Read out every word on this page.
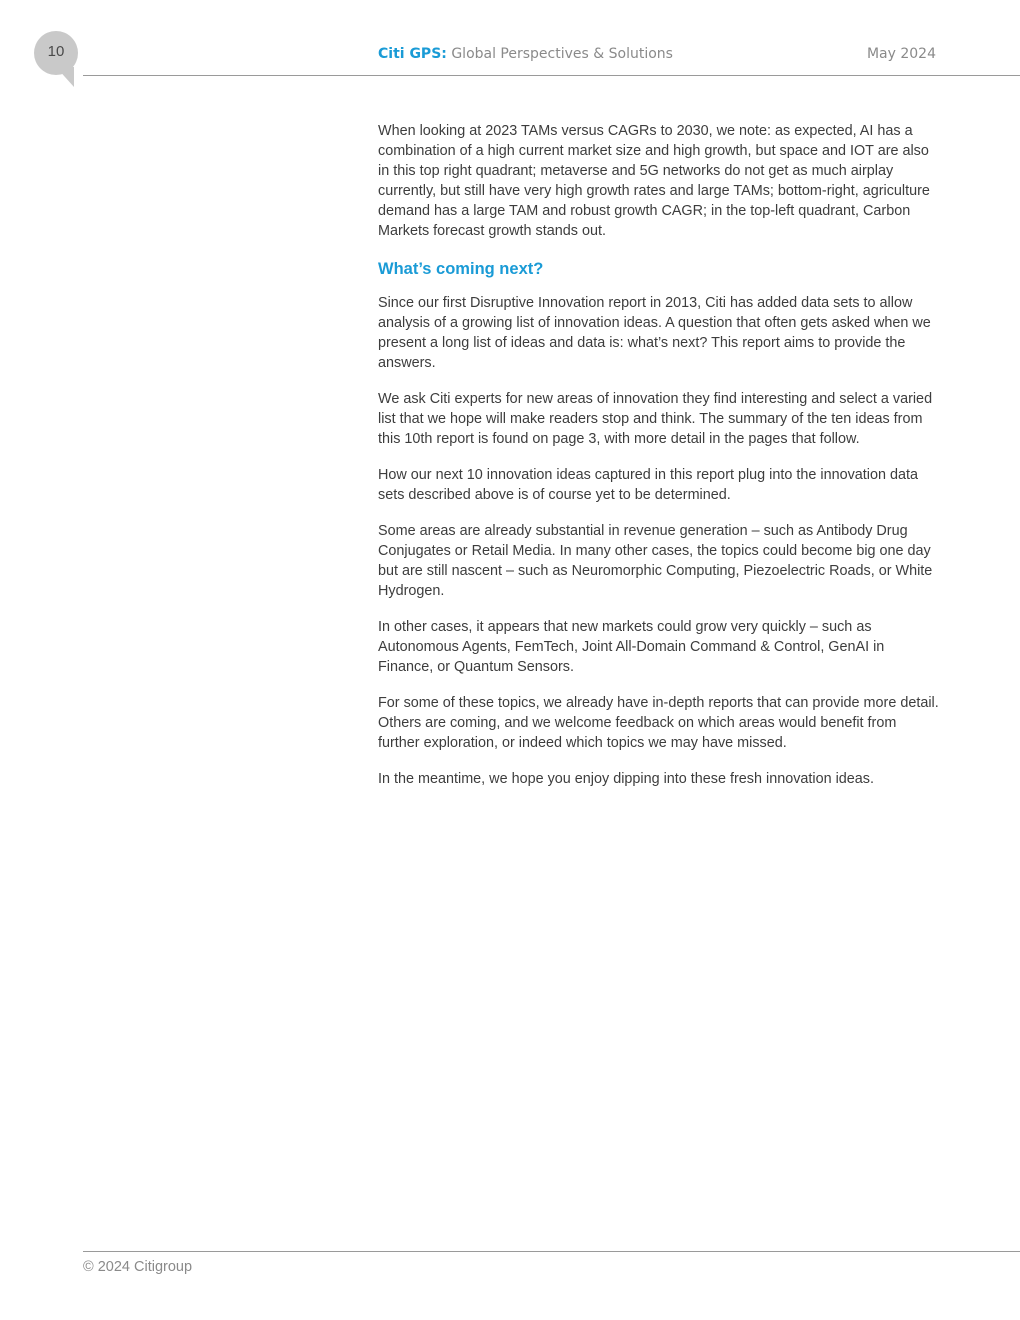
10	Citi GPS: Global Perspectives & Solutions	May 2024

When looking at 2023 TAMs versus CAGRs to 2030, we note: as expected, AI has a combination of a high current market size and high growth, but space and IOT are also in this top right quadrant; metaverse and 5G networks do not get as much airplay currently, but still have very high growth rates and large TAMs; bottom-right, agriculture demand has a large TAM and robust growth CAGR; in the top-left quadrant, Carbon Markets forecast growth stands out.

What’s coming next?

Since our first Disruptive Innovation report in 2013, Citi has added data sets to allow analysis of a growing list of innovation ideas. A question that often gets asked when we present a long list of ideas and data is: what’s next? This report aims to provide the answers.

We ask Citi experts for new areas of innovation they find interesting and select a varied list that we hope will make readers stop and think. The summary of the ten ideas from this 10th report is found on page 3, with more detail in the pages that follow.

How our next 10 innovation ideas captured in this report plug into the innovation data sets described above is of course yet to be determined.

Some areas are already substantial in revenue generation – such as Antibody Drug Conjugates or Retail Media. In many other cases, the topics could become big one day but are still nascent – such as Neuromorphic Computing, Piezoelectric Roads, or White Hydrogen.

In other cases, it appears that new markets could grow very quickly – such as Autonomous Agents, FemTech, Joint All-Domain Command & Control, GenAI in Finance, or Quantum Sensors.

For some of these topics, we already have in-depth reports that can provide more detail. Others are coming, and we welcome feedback on which areas would benefit from further exploration, or indeed which topics we may have missed.

In the meantime, we hope you enjoy dipping into these fresh innovation ideas.

© 2024 Citigroup
